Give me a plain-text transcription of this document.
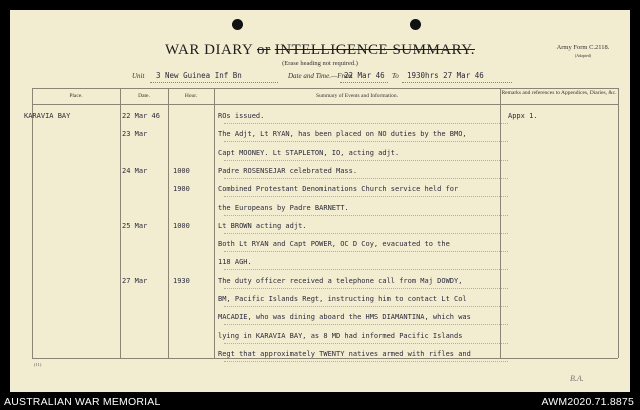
WAR DIARY or INTELLIGENCE SUMMARY.
(Erase heading not required.)
Army Form C.2118.
(Adapted)
Unit 3 New Guinea Inf Bn	Date and Time.—From
22 Mar 46 To 1930hrs 27 Mar 46
Place.	Date.	Hour.	Summary of Events and Information.	Remarks and references to Appendices, Diaries, &c.
KARAVIA BAY	22 Mar 46	ROs issued.	Appx 1.
23 Mar	The Adjt, Lt RYAN, has been placed on NO duties by the BMO,
Capt MOONEY. Lt STAPLETON, IO, acting adjt.
24 Mar	1000	Padre ROSENSEJAR celebrated Mass.
1900	Combined Protestant Denominations Church service held for
the Europeans by Padre BARNETT.
25 Mar	1000	Lt BROWN acting adjt.
Both Lt RYAN and Capt POWER, OC D Coy, evacuated to the
118 AGH.
27 Mar	1930	The duty officer received a telephone call from Maj DOWDY,
BM, Pacific Islands Regt, instructing him to contact Lt Col
MACADIE, who was dining aboard the HMS DIAMANTINA, which was
lying in KARAVIA BAY, as 8 MD had informed Pacific Islands
Regt that approximately TWENTY natives armed with rifles and
(11)
B.A.
AUSTRALIAN WAR MEMORIAL	AWM2020.71.8875
